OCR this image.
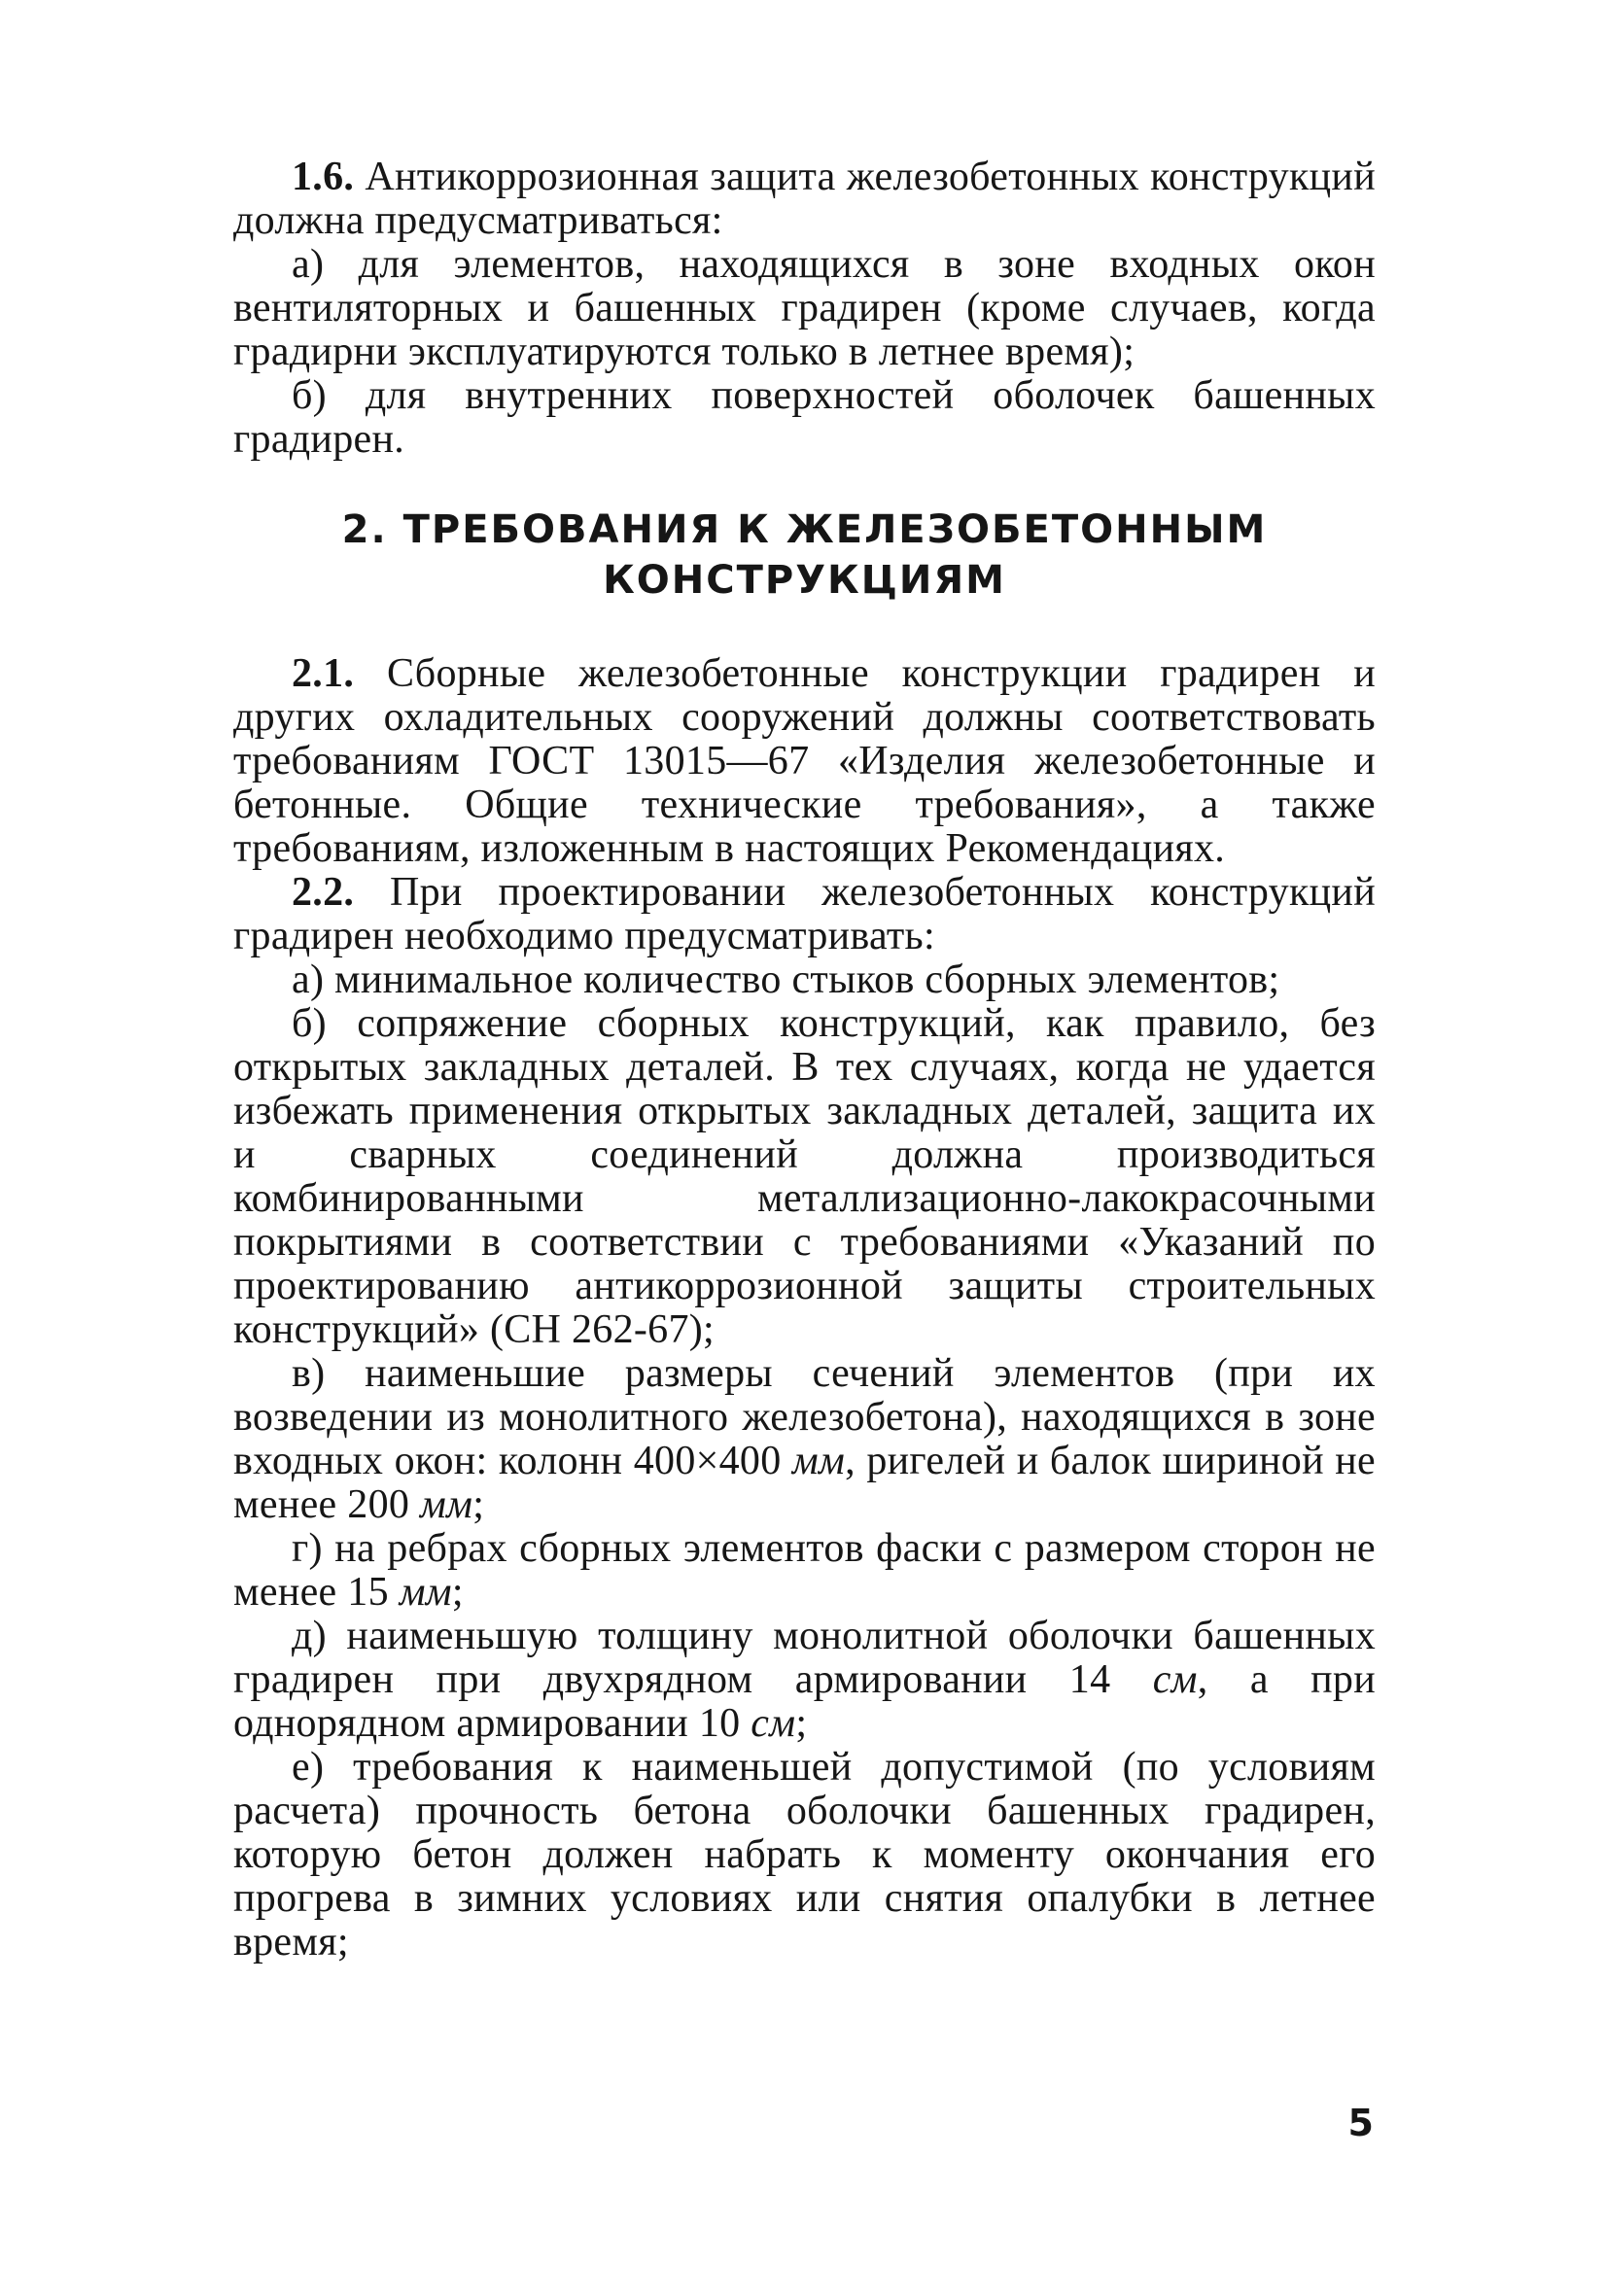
1.6. Антикоррозионная защита железобетонных конструкций должна предусматриваться:

а) для элементов, находящихся в зоне входных окон вентиляторных и башенных градирен (кроме случаев, когда градирни эксплуатируются только в летнее время);

б) для внутренних поверхностей оболочек башенных градирен.

2. ТРЕБОВАНИЯ К ЖЕЛЕЗОБЕТОННЫМ
КОНСТРУКЦИЯМ

2.1. Сборные железобетонные конструкции градирен и других охладительных сооружений должны соответствовать требованиям ГОСТ 13015—67 «Изделия железобетонные и бетонные. Общие технические требования», а также требованиям, изложенным в настоящих Рекомендациях.

2.2. При проектировании железобетонных конструкций градирен необходимо предусматривать:

а) минимальное количество стыков сборных элементов;

б) сопряжение сборных конструкций, как правило, без открытых закладных деталей. В тех случаях, когда не удается избежать применения открытых закладных деталей, защита их и сварных соединений должна производиться комбинированными металлизационно-лакокрасочными покрытиями в соответствии с требованиями «Указаний по проектированию антикоррозионной защиты строительных конструкций» (СН 262-67);

в) наименьшие размеры сечений элементов (при их возведении из монолитного железобетона), находящихся в зоне входных окон: колонн 400×400 мм, ригелей и балок шириной не менее 200 мм;

г) на ребрах сборных элементов фаски с размером сторон не менее 15 мм;

д) наименьшую толщину монолитной оболочки башенных градирен при двухрядном армировании 14 см, а при однорядном армировании 10 см;

е) требования к наименьшей допустимой (по условиям расчета) прочность бетона оболочки башенных градирен, которую бетон должен набрать к моменту окончания его прогрева в зимних условиях или снятия опалубки в летнее время;

5
